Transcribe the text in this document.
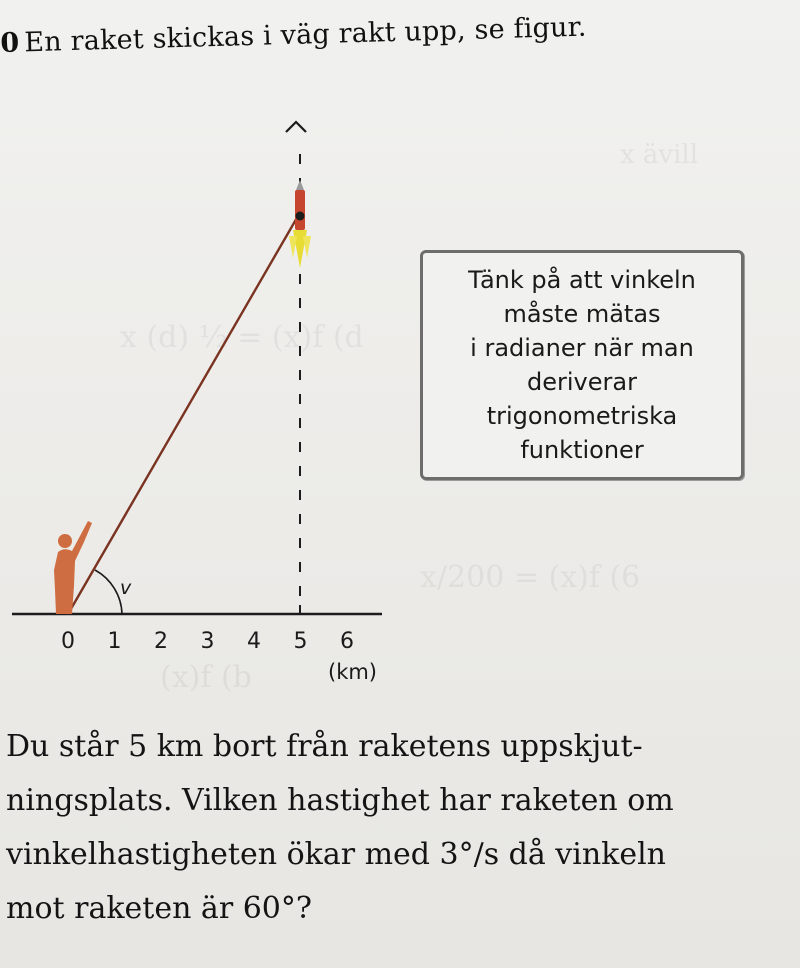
x ävill
x (d) ½ = (x)f (d
x/200 = (x)f (6
(x)f (b
0 En raket skickas i väg rakt upp, se figur.
v
0 1 2 3 4 5 6
(km)
Tänk på att vinkeln
måste mätas
i radianer när man
deriverar
trigonometriska
funktioner
Du står 5 km bort från raketens uppskjut-
ningsplats. Vilken hastighet har raketen om
vinkelhastigheten ökar med 3°/s då vinkeln
mot raketen är 60°?
